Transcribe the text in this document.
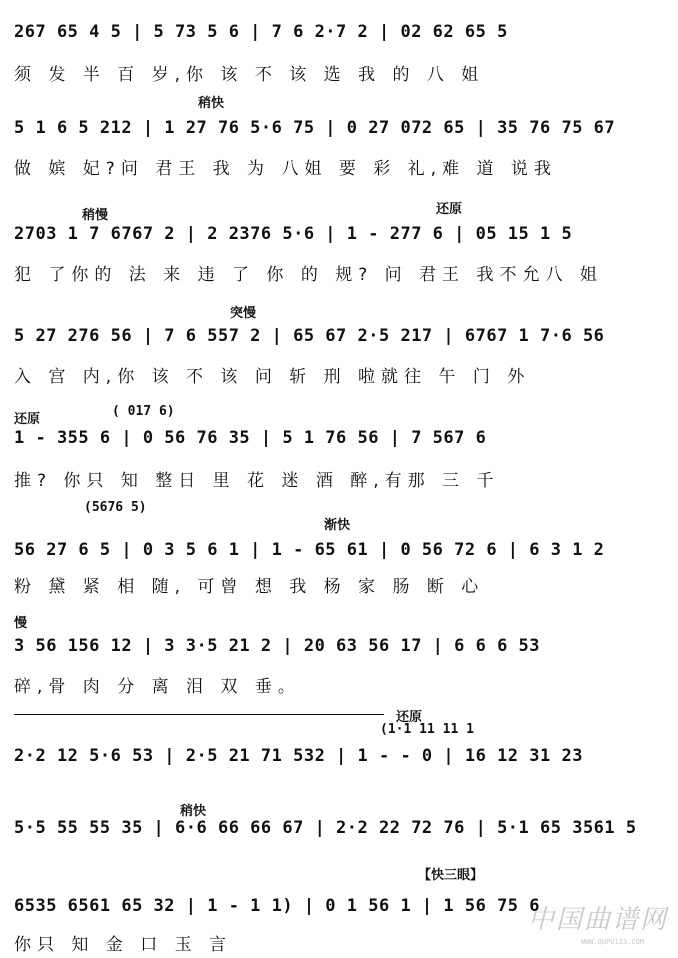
267 65 4 5 | 5 73 5 6 | 7 6 2·7 2 | 02 62 65 5
须 发 半 百 岁,你 该 不 该 选 我 的 八 姐
稍快
5 1 6 5 212 | 1 27 76 5·6 75 | 0 27 072 65 | 35 76 75 67
做 嫔 妃?问 君王 我 为 八姐 要 彩 礼,难 道 说我
稍慢	还原
2703 1 7 6767 2 | 2 2376 5·6 | 1 - 277 6 | 05 15 1 5
犯 了你的 法 来 违 了 你 的 规? 问 君王 我不允八 姐
突慢
5 27 276 56 | 7 6 557 2 | 65 67 2·5 217 | 6767 1 7·6 56
入 宫 内,你 该 不 该 问 斩 刑 啦就往 午 门 外
还原
( 017 6)
1 - 355 6 | 0 56 76 35 | 5 1 76 56 | 7 567 6
推? 你只 知 整日 里 花 迷 酒 醉,有那 三 千
(5676 5)
渐快
56 27 6 5 | 0 3 5 6 1 | 1 - 65 61 | 0 56 72 6 | 6 3 1 2
粉 黛 紧 相 随, 可曾 想 我 杨 家 肠 断 心
慢
3 56 156 12 | 3 3·5 21 2 | 20 63 56 17 | 6 6 6 53
碎,骨 肉 分 离 泪 双 垂。
还原
(1·1 11 11 1
2·2 12 5·6 53 | 2·5 21 71 532 | 1 - - 0 | 16 12 31 23
稍快
5·5 55 55 35 | 6·6 66 66 67 | 2·2 22 72 76 | 5·1 65 3561 5
【快三眼】
6535 6561 65 32 | 1 - 1 1) | 0 1 56 1 | 1 56 75 6
你只 知 金 口 玉 言
中国曲谱网
WWW.QUPU123.COM
